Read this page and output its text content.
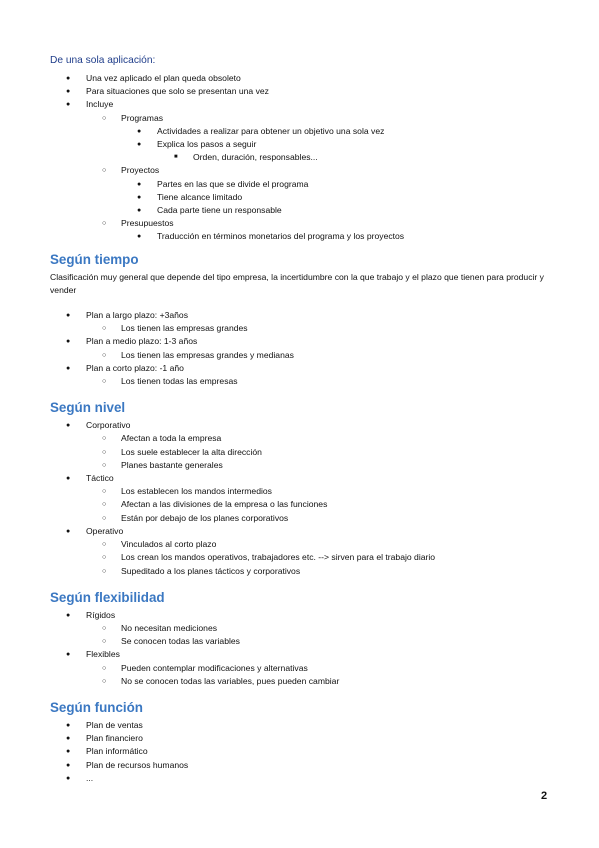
De una sola aplicación:
● Una vez aplicado el plan queda obsoleto
● Para situaciones que solo se presentan una vez
● Incluye
○ Programas
● Actividades a realizar para obtener un objetivo una sola vez
● Explica los pasos a seguir
■ Orden, duración, responsables...
○ Proyectos
● Partes en las que se divide el programa
● Tiene alcance limitado
● Cada parte tiene un responsable
○ Presupuestos
● Traducción en términos monetarios del programa y los proyectos
Según tiempo
Clasificación muy general que depende del tipo empresa, la incertidumbre con la que trabajo y el plazo que tienen para producir y vender
● Plan a largo plazo: +3años
○ Los tienen las empresas grandes
● Plan a medio plazo: 1-3 años
○ Los tienen las empresas grandes y medianas
● Plan a corto plazo: -1 año
○ Los tienen todas las empresas
Según nivel
● Corporativo
○ Afectan a toda la empresa
○ Los suele establecer la alta dirección
○ Planes bastante generales
● Táctico
○ Los establecen los mandos intermedios
○ Afectan a las divisiones de la empresa o las funciones
○ Están por debajo de los planes corporativos
● Operativo
○ Vinculados al corto plazo
○ Los crean los mandos operativos, trabajadores etc. --> sirven para el trabajo diario
○ Supeditado a los planes tácticos y corporativos
Según flexibilidad
● Rígidos
○ No necesitan mediciones
○ Se conocen todas las variables
● Flexibles
○ Pueden contemplar modificaciones y alternativas
○ No se conocen todas las variables, pues pueden cambiar
Según función
● Plan de ventas
● Plan financiero
● Plan informático
● Plan de recursos humanos
● ...
2
